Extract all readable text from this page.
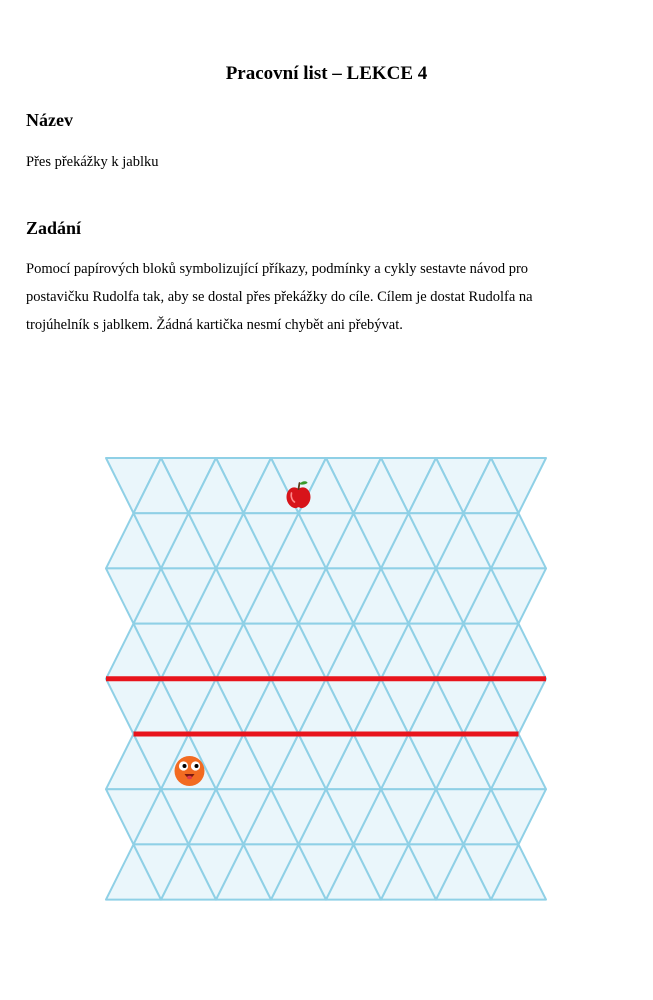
Pracovní list – LEKCE 4
Název
Přes překážky k jablku
Zadání
Pomocí papírových bloků symbolizující příkazy, podmínky a cykly sestavte návod pro
postavičku Rudolfa tak, aby se dostal přes překážky do cíle. Cílem je dostat Rudolfa na
trojúhelník s jablkem. Žádná kartička nesmí chybět ani přebývat.
